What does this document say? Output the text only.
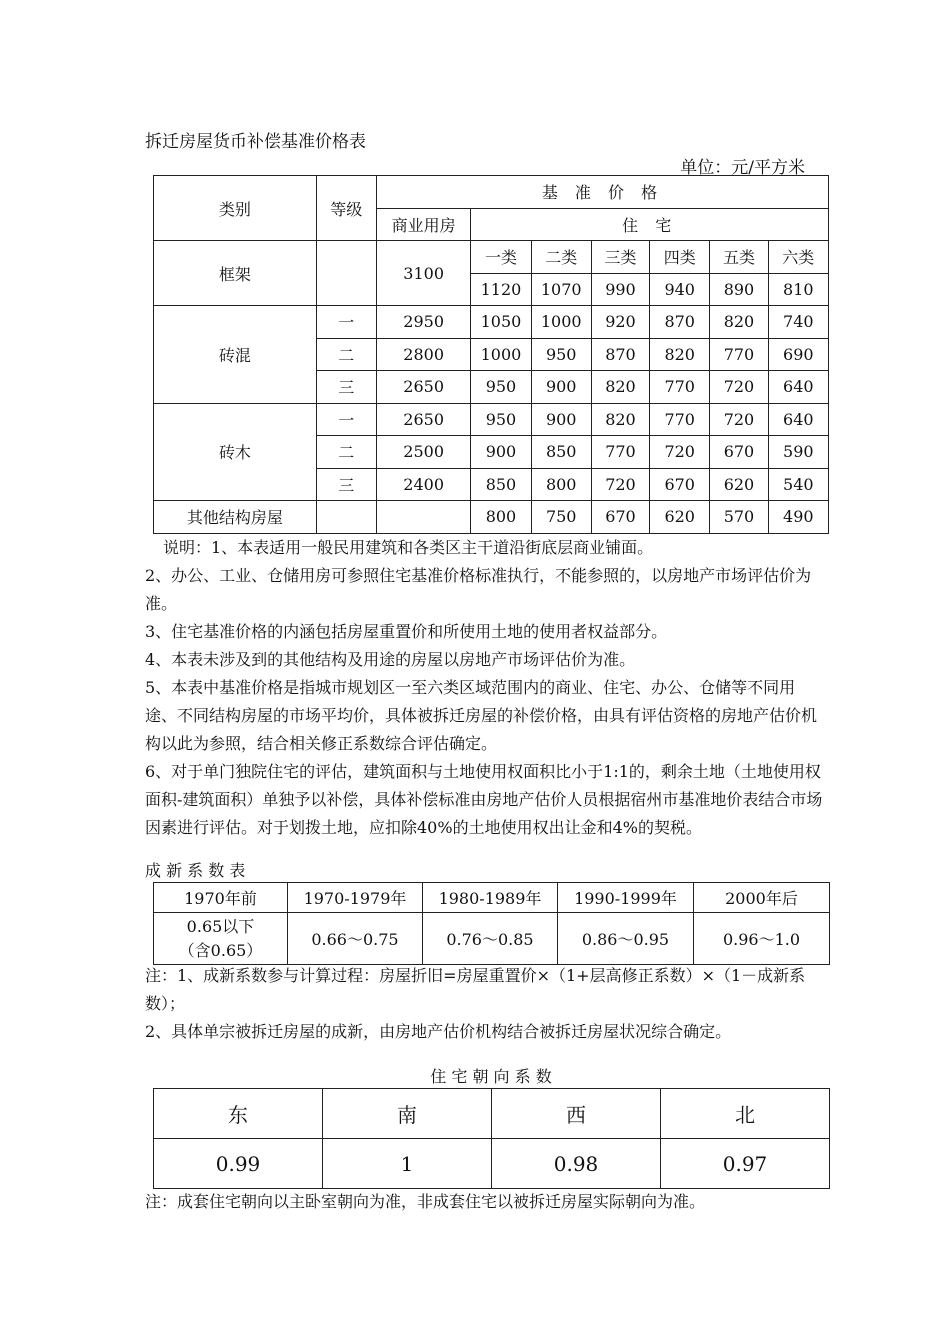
拆迁房屋货币补偿基准价格表
单位：元/平方米
类别	等级	基 准 价 格						
		商业用房	住 宅					
框架		3100	一类	二类	三类	四类	五类	六类
			1120	1070	990	940	890	810
砖混	一	2950	1050	1000	920	870	820	740
	二	2800	1000	950	870	820	770	690
	三	2650	950	900	820	770	720	640
砖木	一	2650	950	900	820	770	720	640
	二	2500	900	850	770	720	670	590
	三	2400	850	800	720	670	620	540
其他结构房屋			800	750	670	620	570	490

说明：1、本表适用一般民用建筑和各类区主干道沿街底层商业铺面。

2、办公、工业、仓储用房可参照住宅基准价格标准执行，不能参照的，以房地产市场评估价为准。

3、住宅基准价格的内涵包括房屋重置价和所使用土地的使用者权益部分。

4、本表未涉及到的其他结构及用途的房屋以房地产市场评估价为准。

5、本表中基准价格是指城市规划区一至六类区域范围内的商业、住宅、办公、仓储等不同用途、不同结构房屋的市场平均价，具体被拆迁房屋的补偿价格，由具有评估资格的房地产估价机构以此为参照，结合相关修正系数综合评估确定。

6、对于单门独院住宅的评估，建筑面积与土地使用权面积比小于1:1的，剩余土地（土地使用权面积-建筑面积）单独予以补偿，具体补偿标准由房地产估价人员根据宿州市基准地价表结合市场因素进行评估。对于划拨土地，应扣除40%的土地使用权出让金和4%的契税。

成 新 系 数 表
1970年前	1970-1979年	1980-1989年	1990-1999年	2000年后

0.65以下
（含0.65）	0.66～0.75	0.76～0.85	0.86～0.95	0.96～1.0

注：1、成新系数参与计算过程：房屋折旧=房屋重置价×（1+层高修正系数）×（1－成新系数）；

2、具体单宗被拆迁房屋的成新，由房地产估价机构结合被拆迁房屋状况综合确定。

住 宅 朝 向 系 数
东	南	西	北
0.99	1	0.98	0.97
注：成套住宅朝向以主卧室朝向为准，非成套住宅以被拆迁房屋实际朝向为准。
